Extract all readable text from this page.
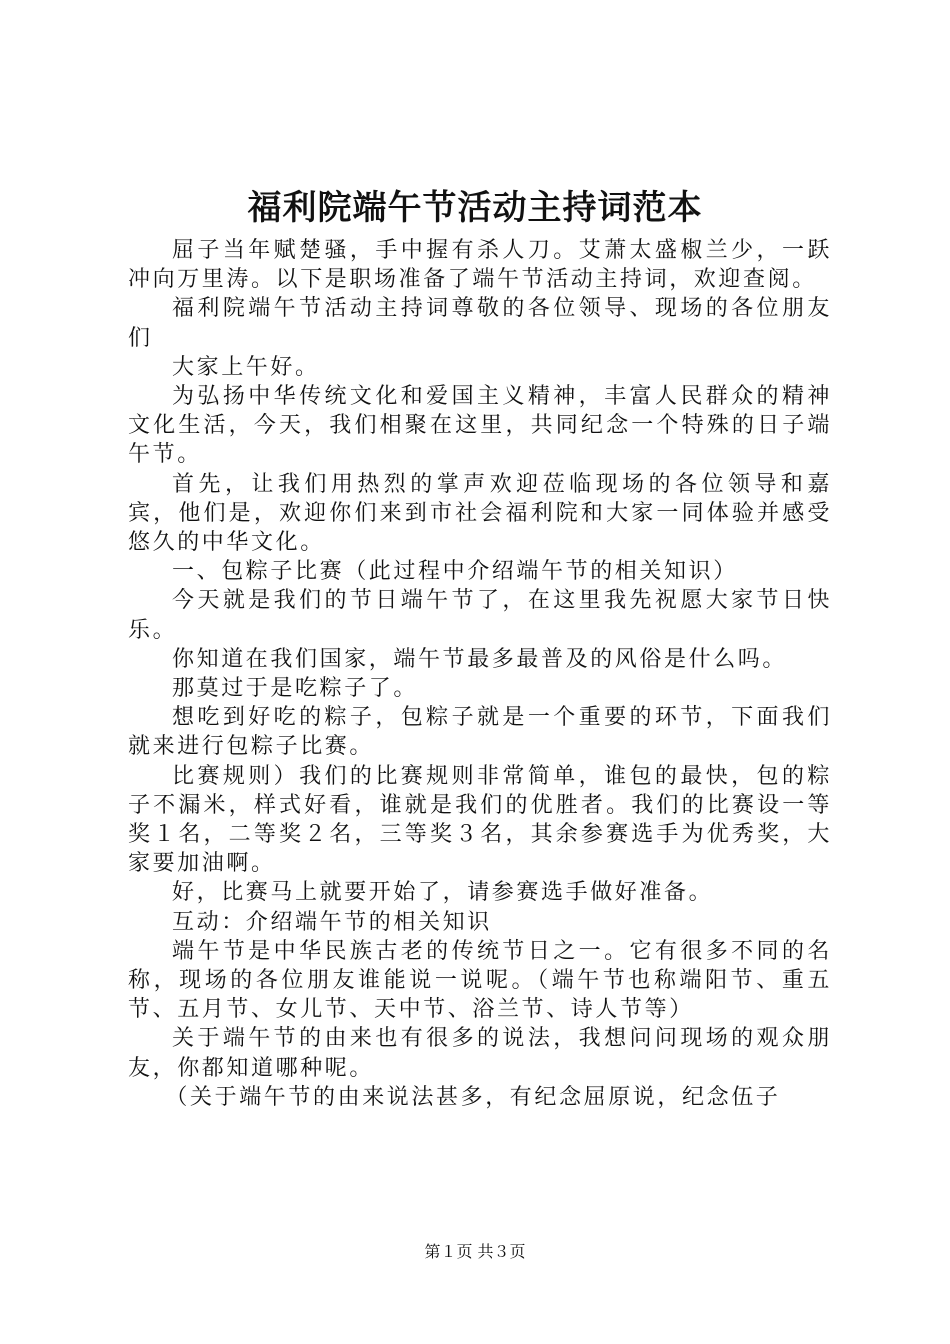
福利院端午节活动主持词范本

屈子当年赋楚骚，手中握有杀人刀。艾萧太盛椒兰少，一跃冲向万里涛。以下是职场准备了端午节活动主持词，欢迎查阅。

福利院端午节活动主持词尊敬的各位领导、现场的各位朋友们

大家上午好。

为弘扬中华传统文化和爱国主义精神，丰富人民群众的精神文化生活，今天，我们相聚在这里，共同纪念一个特殊的日子端午节。

首先，让我们用热烈的掌声欢迎莅临现场的各位领导和嘉宾，他们是，欢迎你们来到市社会福利院和大家一同体验并感受悠久的中华文化。

一、包粽子比赛（此过程中介绍端午节的相关知识）

今天就是我们的节日端午节了，在这里我先祝愿大家节日快乐。

你知道在我们国家，端午节最多最普及的风俗是什么吗。

那莫过于是吃粽子了。

想吃到好吃的粽子，包粽子就是一个重要的环节，下面我们就来进行包粽子比赛。

比赛规则）我们的比赛规则非常简单，谁包的最快，包的粽子不漏米，样式好看，谁就是我们的优胜者。我们的比赛设一等奖１名，二等奖２名，三等奖３名，其余参赛选手为优秀奖，大家要加油啊。

好，比赛马上就要开始了，请参赛选手做好准备。

互动：介绍端午节的相关知识

端午节是中华民族古老的传统节日之一。它有很多不同的名称，现场的各位朋友谁能说一说呢。（端午节也称端阳节、重五节、五月节、女儿节、天中节、浴兰节、诗人节等）

关于端午节的由来也有很多的说法，我想问问现场的观众朋友，你都知道哪种呢。

（关于端午节的由来说法甚多，有纪念屈原说，纪念伍子

第１页 共３页
